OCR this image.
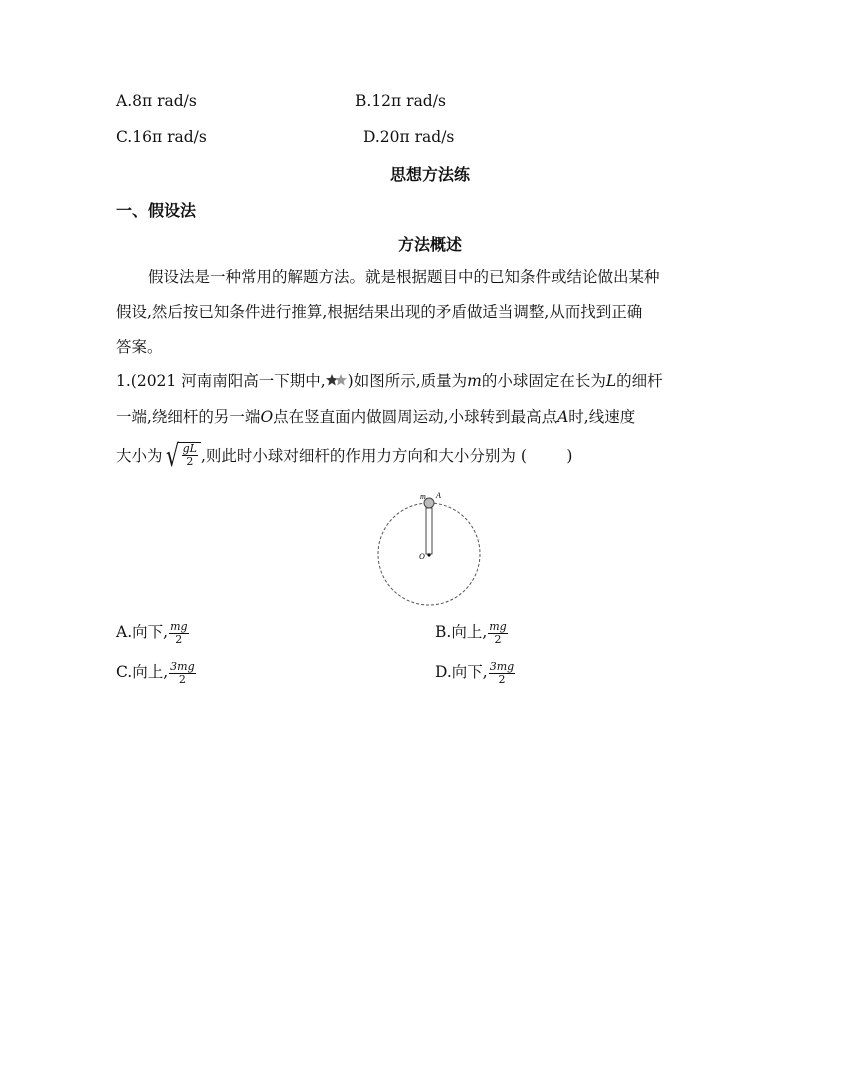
A.8π rad/s	B.12π rad/s
C.16π rad/s	D.20π rad/s
思想方法练
一、假设法
方法概述
假设法是一种常用的解题方法。就是根据题目中的已知条件或结论做出某种
假设,然后按已知条件进行推算,根据结果出现的矛盾做适当调整,从而找到正确
答案。
1.(2021 河南南阳高一下期中, )如图所示,质量为m的小球固定在长为L的细杆
一端,绕细杆的另一端O点在竖直面内做圆周运动,小球转到最高点A时,线速度
大小为 √ $\frac{gL}{2}$ ,则此时小球对细杆的作用力方向和大小分别为 (        )
m A
O
A.向下, $\frac{mg}{2}$	B.向上, $\frac{mg}{2}$
C.向上, $\frac{3mg}{2}$	D.向下, $\frac{3mg}{2}$
